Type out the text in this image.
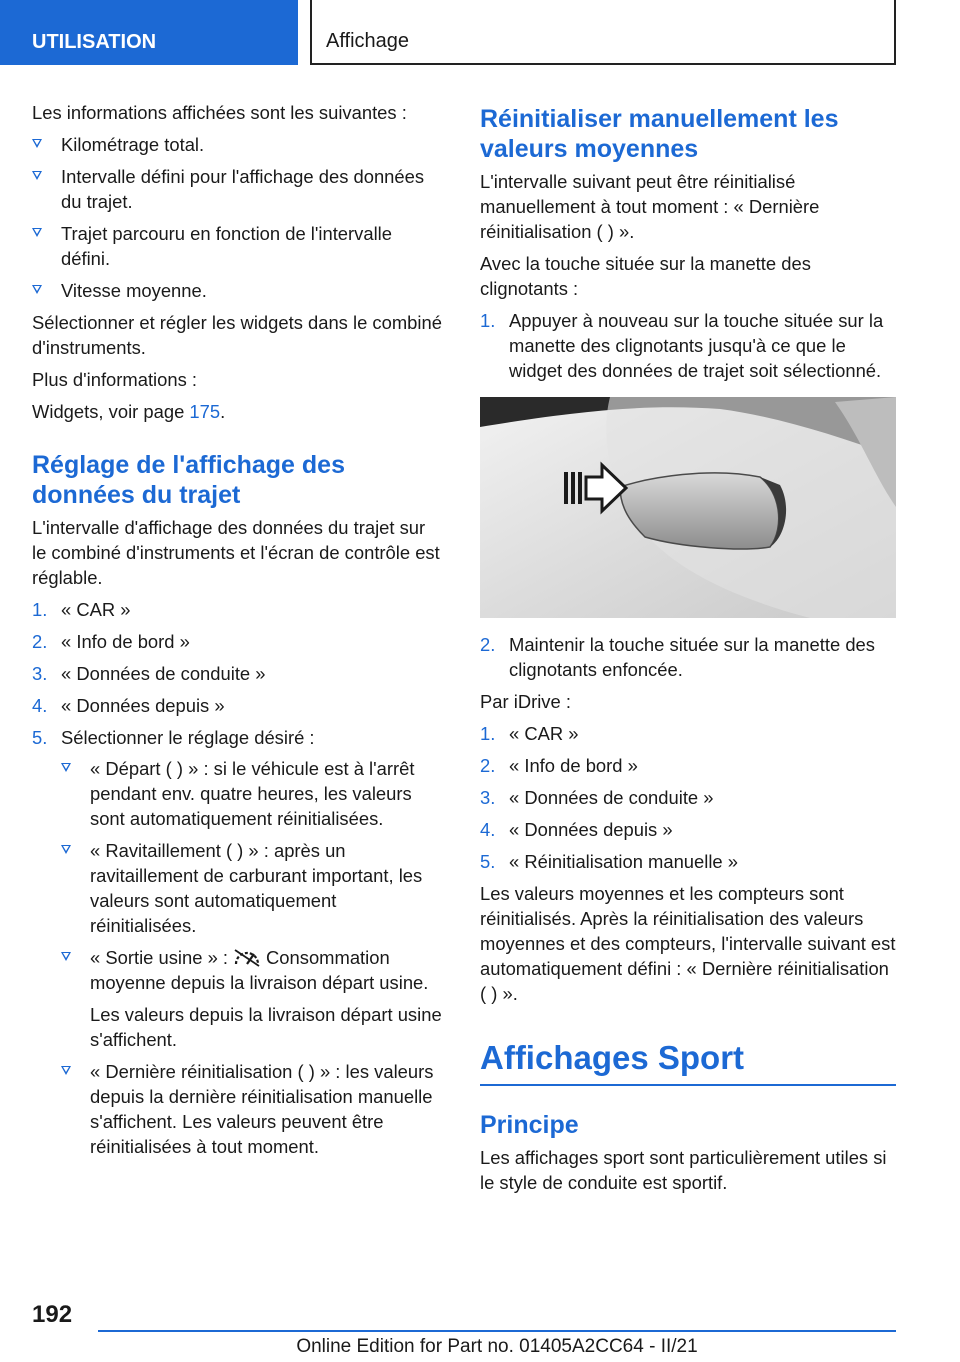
UTILISATION	Affichage

Les informations affichées sont les suivantes :

Kilométrage total.
Intervalle défini pour l'affichage des données du trajet.
Trajet parcouru en fonction de l'intervalle défini.
Vitesse moyenne.

Sélectionner et régler les widgets dans le combiné d'instruments.

Plus d'informations :

Widgets, voir page 175.

Réglage de l'affichage des données du trajet

L'intervalle d'affichage des données du trajet sur le combiné d'instruments et l'écran de contrôle est réglable.

1. « CAR »
2. « Info de bord »
3. « Données de conduite »
4. « Données depuis »
5. Sélectionner le réglage désiré :
« Départ ( ) » : si le véhicule est à l'arrêt pendant env. quatre heures, les valeurs sont automatiquement réinitialisées.
« Ravitaillement ( ) » : après un ravitaillement de carburant important, les valeurs sont automatiquement réinitialisées.
« Sortie usine » : Consommation moyenne depuis la livraison départ usine.

Les valeurs depuis la livraison départ usine s'affichent.

« Dernière réinitialisation ( ) » : les valeurs depuis la dernière réinitialisation manuelle s'affichent. Les valeurs peuvent être réinitialisées à tout moment.
Réinitialiser manuellement les valeurs moyennes

L'intervalle suivant peut être réinitialisé manuellement à tout moment : « Dernière réinitialisation ( ) ».

Avec la touche située sur la manette des clignotants :

1. Appuyer à nouveau sur la touche située sur la manette des clignotants jusqu'à ce que le widget des données de trajet soit sélectionné.
2. Maintenir la touche située sur la manette des clignotants enfoncée.

Par iDrive :

1. « CAR »
2. « Info de bord »
3. « Données de conduite »
4. « Données depuis »
5. « Réinitialisation manuelle »

Les valeurs moyennes et les compteurs sont réinitialisés. Après la réinitialisation des valeurs moyennes et des compteurs, l'intervalle suivant est automatiquement défini : « Dernière réinitialisation ( ) ».

Affichages Sport
Principe

Les affichages sport sont particulièrement utiles si le style de conduite est sportif.

192
Online Edition for Part no. 01405A2CC64 - II/21
